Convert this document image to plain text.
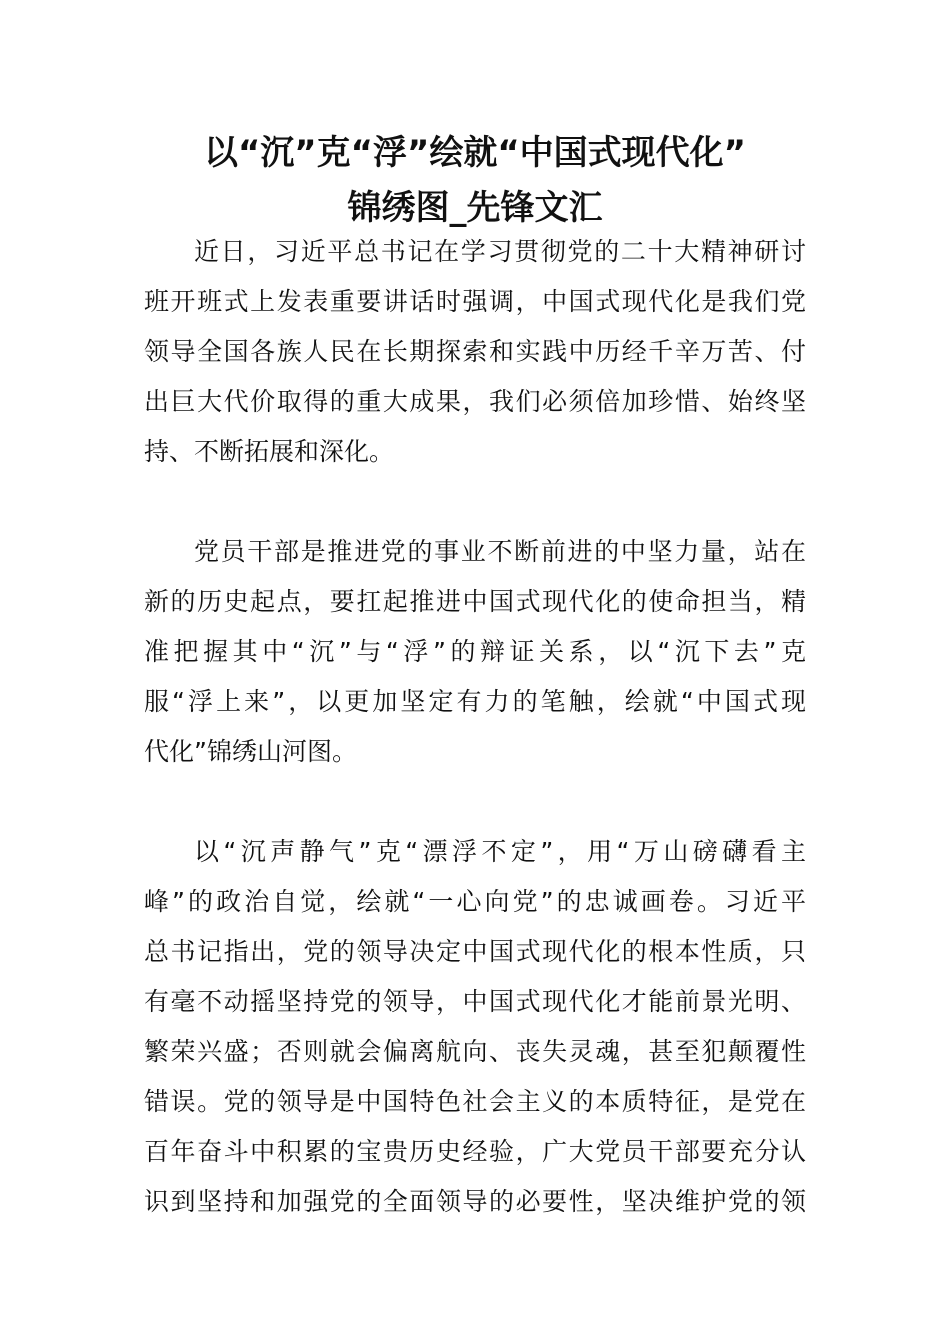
以“沉”克“浮”绘就“中国式现代化”
锦绣图_先锋文汇

近日，习近平总书记在学习贯彻党的二十大精神研讨
班开班式上发表重要讲话时强调，中国式现代化是我们党
领导全国各族人民在长期探索和实践中历经千辛万苦、付
出巨大代价取得的重大成果，我们必须倍加珍惜、始终坚
持、不断拓展和深化。

党员干部是推进党的事业不断前进的中坚力量，站在
新的历史起点，要扛起推进中国式现代化的使命担当，精
准把握其中“沉”与“浮”的辩证关系，以“沉下去”克
服“浮上来”，以更加坚定有力的笔触，绘就“中国式现
代化”锦绣山河图。

以“沉声静气”克“漂浮不定”，用“万山磅礴看主
峰”的政治自觉，绘就“一心向党”的忠诚画卷。习近平
总书记指出，党的领导决定中国式现代化的根本性质，只
有毫不动摇坚持党的领导，中国式现代化才能前景光明、
繁荣兴盛；否则就会偏离航向、丧失灵魂，甚至犯颠覆性
错误。党的领导是中国特色社会主义的本质特征，是党在
百年奋斗中积累的宝贵历史经验，广大党员干部要充分认
识到坚持和加强党的全面领导的必要性，坚决维护党的领
